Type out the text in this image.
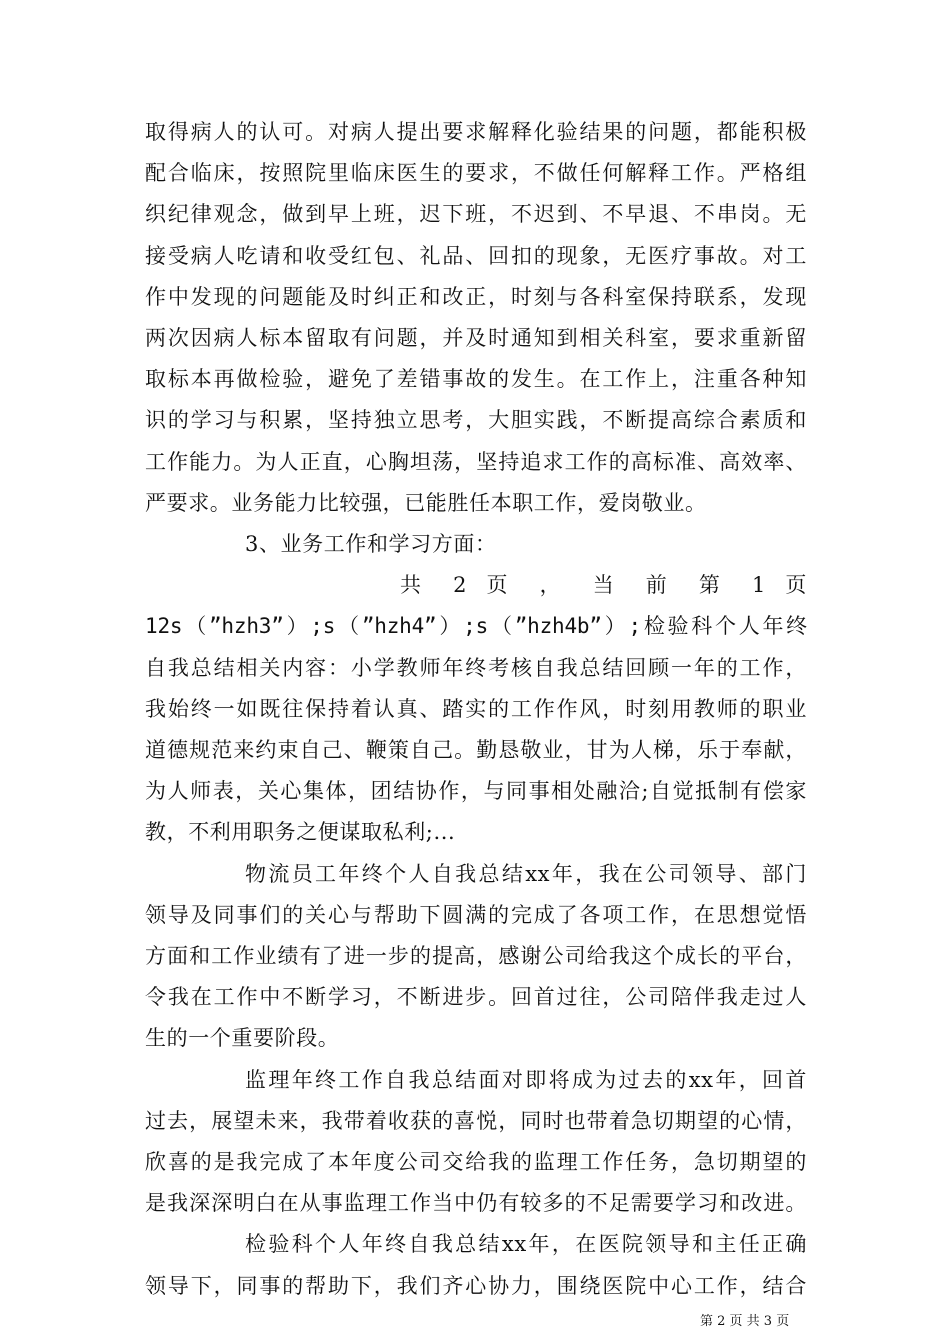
取得病人的认可。对病人提出要求解释化验结果的问题，都能积极
配合临床，按照院里临床医生的要求，不做任何解释工作。严格组
织纪律观念，做到早上班，迟下班，不迟到、不早退、不串岗。无
接受病人吃请和收受红包、礼品、回扣的现象，无医疗事故。对工
作中发现的问题能及时纠正和改正，时刻与各科室保持联系，发现
两次因病人标本留取有问题，并及时通知到相关科室，要求重新留
取标本再做检验，避免了差错事故的发生。在工作上，注重各种知
识的学习与积累，坚持独立思考，大胆实践，不断提高综合素质和
工作能力。为人正直，心胸坦荡，坚持追求工作的高标准、高效率、
严要求。业务能力比较强，已能胜任本职工作，爱岗敬业。
3、业务工作和学习方面：
共 2 页 ， 当 前 第 1 页
12s（”hzh3”）;s（”hzh4”）;s（”hzh4b”）;检验科个人年终
自我总结相关内容：小学教师年终考核自我总结回顾一年的工作，
我始终一如既往保持着认真、踏实的工作作风，时刻用教师的职业
道德规范来约束自己、鞭策自己。勤恳敬业，甘为人梯，乐于奉献，
为人师表，关心集体，团结协作，与同事相处融洽;自觉抵制有偿家
教，不利用职务之便谋取私利;...
物流员工年终个人自我总结xx年，我在公司领导、部门
领导及同事们的关心与帮助下圆满的完成了各项工作，在思想觉悟
方面和工作业绩有了进一步的提高，感谢公司给我这个成长的平台，
令我在工作中不断学习，不断进步。回首过往，公司陪伴我走过人
生的一个重要阶段。
监理年终工作自我总结面对即将成为过去的xx年，回首
过去，展望未来，我带着收获的喜悦，同时也带着急切期望的心情，
欣喜的是我完成了本年度公司交给我的监理工作任务，急切期望的
是我深深明白在从事监理工作当中仍有较多的不足需要学习和改进。
检验科个人年终自我总结xx年，在医院领导和主任正确
领导下，同事的帮助下，我们齐心协力，围绕医院中心工作，结合
第 2 页 共 3 页
